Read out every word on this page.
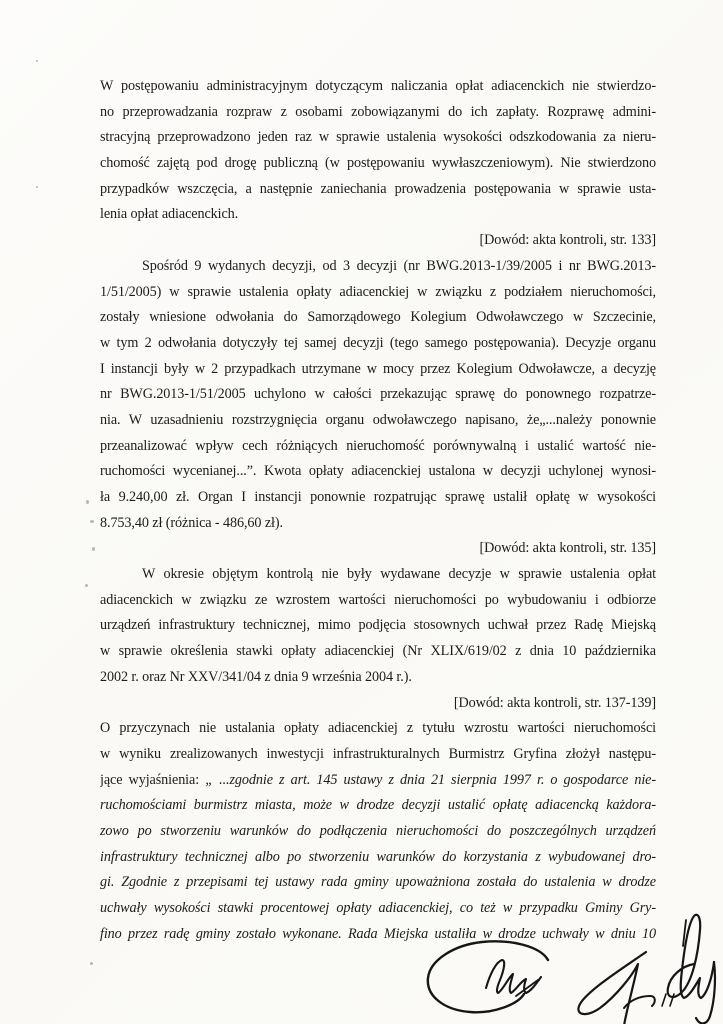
W postępowaniu administracyjnym dotyczącym naliczania opłat adiacenckich nie stwierdzo-
no przeprowadzania rozpraw z osobami zobowiązanymi do ich zapłaty. Rozprawę admini-
stracyjną przeprowadzono jeden raz w sprawie ustalenia wysokości odszkodowania za nieru-
chomość zajętą pod drogę publiczną (w postępowaniu wywłaszczeniowym). Nie stwierdzono
przypadków wszczęcia, a następnie zaniechania prowadzenia postępowania w sprawie usta-
lenia opłat adiacenckich.
[Dowód: akta kontroli, str. 133]
Spośród 9 wydanych decyzji, od 3 decyzji (nr BWG.2013-1/39/2005 i nr BWG.2013-
1/51/2005) w sprawie ustalenia opłaty adiacenckiej w związku z podziałem nieruchomości,
zostały wniesione odwołania do Samorządowego Kolegium Odwoławczego w Szczecinie,
w tym 2 odwołania dotyczyły tej samej decyzji (tego samego postępowania). Decyzje organu
I instancji były w 2 przypadkach utrzymane w mocy przez Kolegium Odwoławcze, a decyzję
nr BWG.2013-1/51/2005 uchylono w całości przekazując sprawę do ponownego rozpatrze-
nia. W uzasadnieniu rozstrzygnięcia organu odwoławczego napisano, że„...należy ponownie
przeanalizować wpływ cech różniących nieruchomość porównywalną i ustalić wartość nie-
ruchomości wycenianej...”. Kwota opłaty adiacenckiej ustalona w decyzji uchylonej wynosi-
ła 9.240,00 zł. Organ I instancji ponownie rozpatrując sprawę ustalił opłatę w wysokości
8.753,40 zł (różnica - 486,60 zł).
[Dowód: akta kontroli, str. 135]
W okresie objętym kontrolą nie były wydawane decyzje w sprawie ustalenia opłat
adiacenckich w związku ze wzrostem wartości nieruchomości po wybudowaniu i odbiorze
urządzeń infrastruktury technicznej, mimo podjęcia stosownych uchwał przez Radę Miejską
w sprawie określenia stawki opłaty adiacenckiej (Nr XLIX/619/02 z dnia 10 października
2002 r. oraz Nr XXV/341/04 z dnia 9 września 2004 r.).
[Dowód: akta kontroli, str. 137-139]
O przyczynach nie ustalania opłaty adiacenckiej z tytułu wzrostu wartości nieruchomości
w wyniku zrealizowanych inwestycji infrastrukturalnych Burmistrz Gryfina złożył następu-
jące wyjaśnienia: „ ...zgodnie z art. 145 ustawy z dnia 21 sierpnia 1997 r. o gospodarce nie-
ruchomościami burmistrz miasta, może w drodze decyzji ustalić opłatę adiacencką każdora-
zowo po stworzeniu warunków do podłączenia nieruchomości do poszczególnych urządzeń
infrastruktury technicznej albo po stworzeniu warunków do korzystania z wybudowanej dro-
gi. Zgodnie z przepisami tej ustawy rada gminy upoważniona została do ustalenia w drodze
uchwały wysokości stawki procentowej opłaty adiacenckiej, co też w przypadku Gminy Gry-
fino przez radę gminy zostało wykonane. Rada Miejska ustaliła w drodze uchwały w dniu 10
